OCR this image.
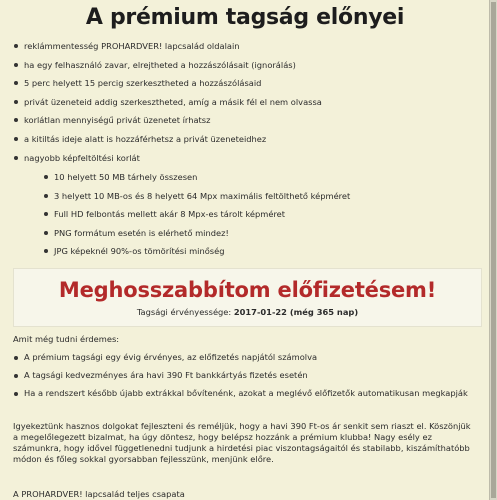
A prémium tagság előnyei
reklámmentesség PROHARDVER! lapcsalád oldalain
ha egy felhasználó zavar, elrejtheted a hozzászólásait (ignorálás)
5 perc helyett 15 percig szerkesztheted a hozzászólásaid
privát üzeneteid addig szerkesztheted, amíg a másik fél el nem olvassa
korlátlan mennyiségű privát üzenetet írhatsz
a kitiltás ideje alatt is hozzáférhetsz a privát üzeneteidhez
nagyobb képfeltöltési korlát
10 helyett 50 MB tárhely összesen
3 helyett 10 MB-os és 8 helyett 64 Mpx maximális feltölthető képméret
Full HD felbontás mellett akár 8 Mpx-es tárolt képméret
PNG formátum esetén is elérhető mindez!
JPG képeknél 90%-os tömörítési minőség
Meghosszabbítom előfizetésem!
Tagsági érvényessége: 2017-01-22 (még 365 nap)
Amit még tudni érdemes:
A prémium tagsági egy évig érvényes, az előfizetés napjától számolva
A tagsági kedvezményes ára havi 390 Ft bankkártyás fizetés esetén
Ha a rendszert később újabb extrákkal bővítenénk, azokat a meglévő előfizetők automatikusan megkapják
Igyekeztünk hasznos dolgokat fejleszteni és reméljük, hogy a havi 390 Ft-os ár senkit sem riaszt el. Köszönjük a megelőlegezett bizalmat, ha úgy döntesz, hogy belépsz hozzánk a prémium klubba! Nagy esély ez számunkra, hogy idővel függetlenedni tudjunk a hirdetési piac viszontagságaitól és stabilabb, kiszámíthatóbb módon és főleg sokkal gyorsabban fejlesszünk, menjünk előre.
A PROHARDVER! lapcsalád teljes csapata
